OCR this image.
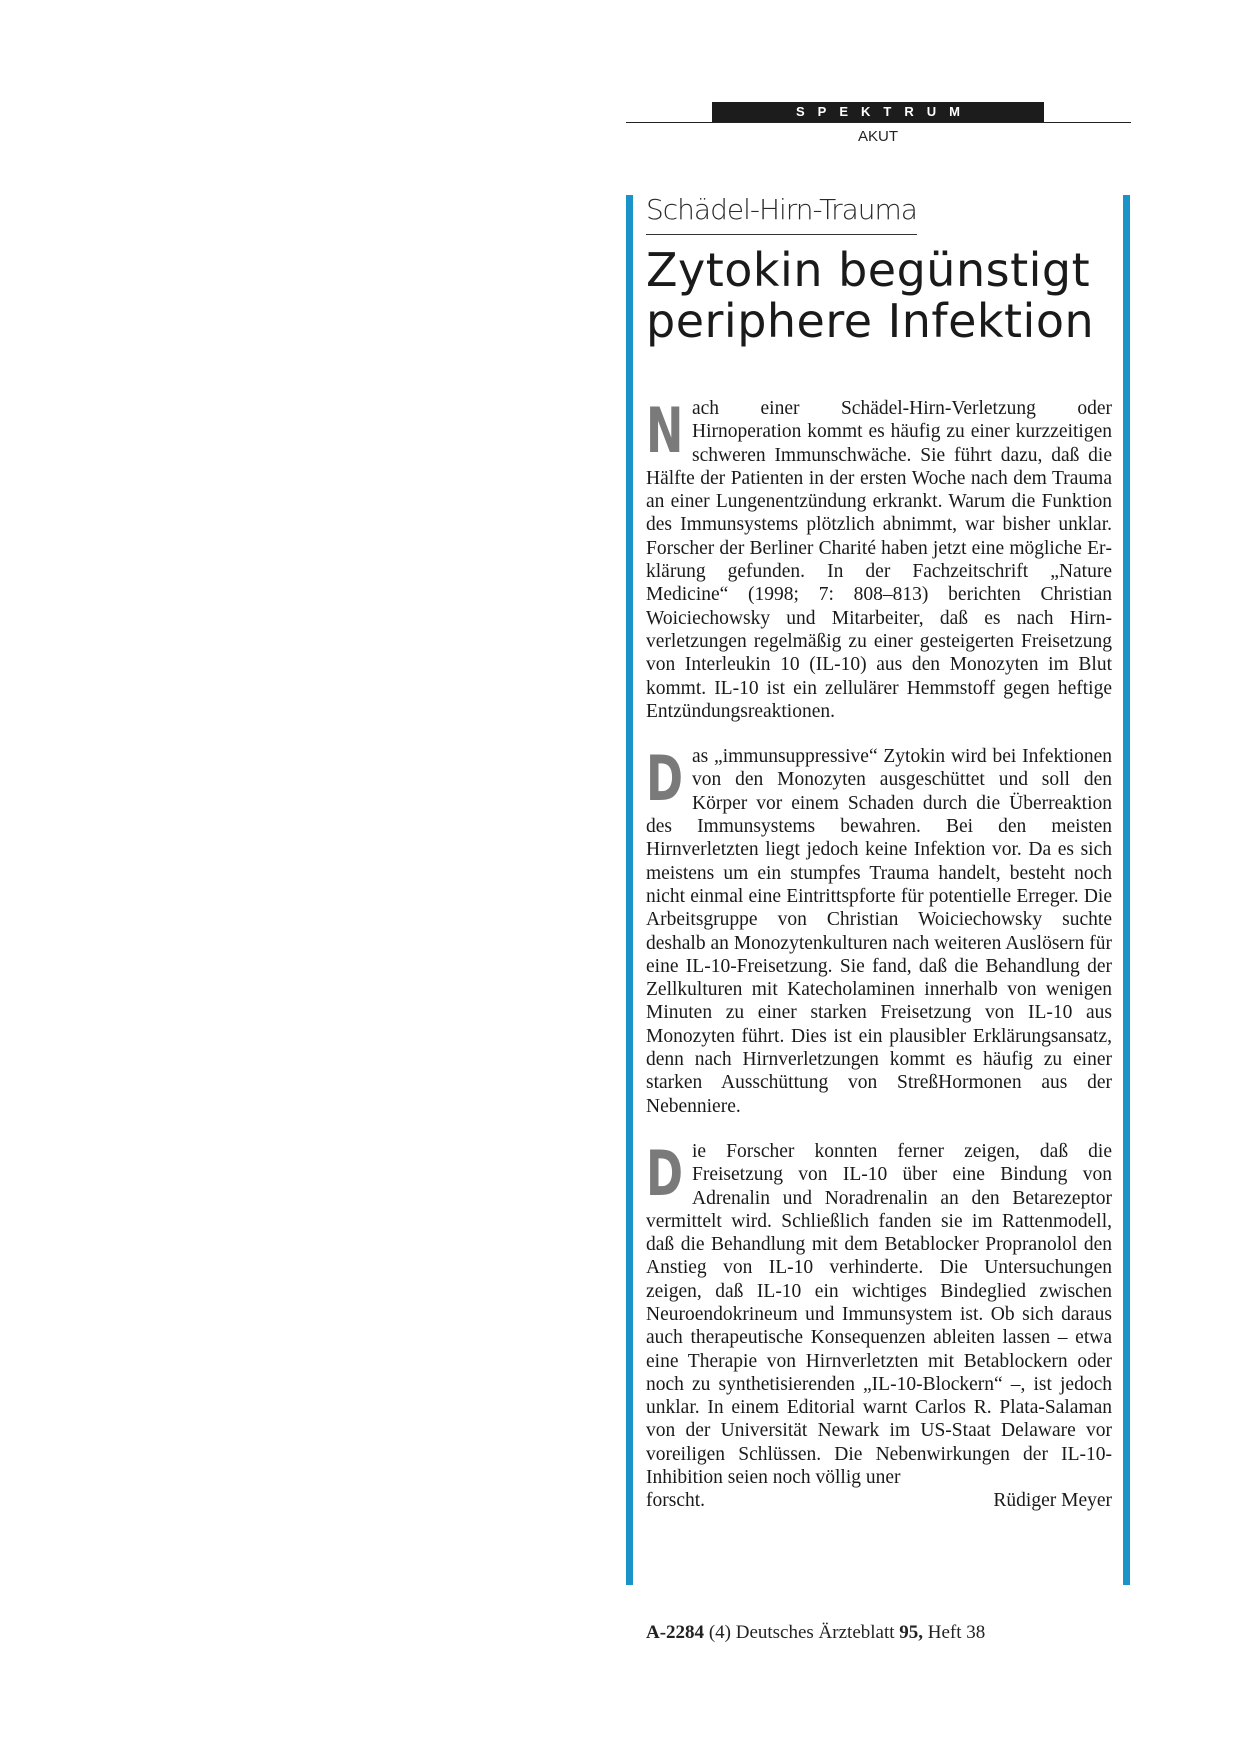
SPEKTRUM
AKUT
Schädel-Hirn-Trauma
Zytokin begünstigt
periphere Infektion

Nach einer Schädel-Hirn-Verletzung oder Hirnoperation kommt es häufig zu einer kurzzeitigen schweren Immunschwäche. Sie führt dazu, daß die Hälfte der Patienten in der ersten Woche nach dem Trauma an einer Lungenentzündung erkrankt. Warum die Funktion des Immunsystems plötzlich abnimmt, war bisher unklar. Forscher der Berliner Charité haben jetzt eine mögliche Erklärung gefunden. In der Fachzeitschrift „Nature Medicine“ (1998; 7: 808–813) berichten Christian Woiciechowsky und Mitarbeiter, daß es nach Hirnverletzungen regelmäßig zu einer gesteigerten Freisetzung von Interleukin 10 (IL-10) aus den Monozyten im Blut kommt. IL-10 ist ein zellulärer Hemmstoff gegen heftige Entzündungsreaktionen.

Das „immunsuppressive“ Zytokin wird bei Infektionen von den Monozyten ausgeschüttet und soll den Körper vor einem Schaden durch die Überreaktion des Immunsystems bewahren. Bei den meisten Hirnverletzten liegt jedoch keine Infektion vor. Da es sich meistens um ein stumpfes Trauma handelt, besteht noch nicht einmal eine Eintrittspforte für potentielle Erreger. Die Arbeitsgruppe von Christian Woiciechowsky suchte deshalb an Monozytenkulturen nach weiteren Auslösern für eine IL-10-Freisetzung. Sie fand, daß die Behandlung der Zellkulturen mit Katecholaminen innerhalb von wenigen Minuten zu einer starken Freisetzung von IL-10 aus Monozyten führt. Dies ist ein plausibler Erklärungsansatz, denn nach Hirnverletzungen kommt es häufig zu einer starken Ausschüttung von StreßHormonen aus der Nebenniere.

Die Forscher konnten ferner zeigen, daß die Freisetzung von IL-10 über eine Bindung von Adrenalin und Noradrenalin an den Betarezeptor vermittelt wird. Schließlich fanden sie im Rattenmodell, daß die Behandlung mit dem Betablocker Propranolol den Anstieg von IL-10 verhinderte. Die Untersuchungen zeigen, daß IL-10 ein wichtiges Bindeglied zwischen Neuroendokrineum und Immunsystem ist. Ob sich daraus auch therapeutische Konsequenzen ableiten lassen – etwa eine Therapie von Hirnverletzten mit Betablockern oder noch zu synthetisierenden „IL-10-Blockern“ –, ist jedoch unklar. In einem Editorial warnt Carlos R. Plata-Salaman von der Universität Newark im US-Staat Delaware vor voreiligen Schlüssen. Die Nebenwirkungen der IL-10-Inhibition seien noch völlig uner

forscht.	Rüdiger Meyer
A-2284 (4) Deutsches Ärzteblatt 95, Heft 38
